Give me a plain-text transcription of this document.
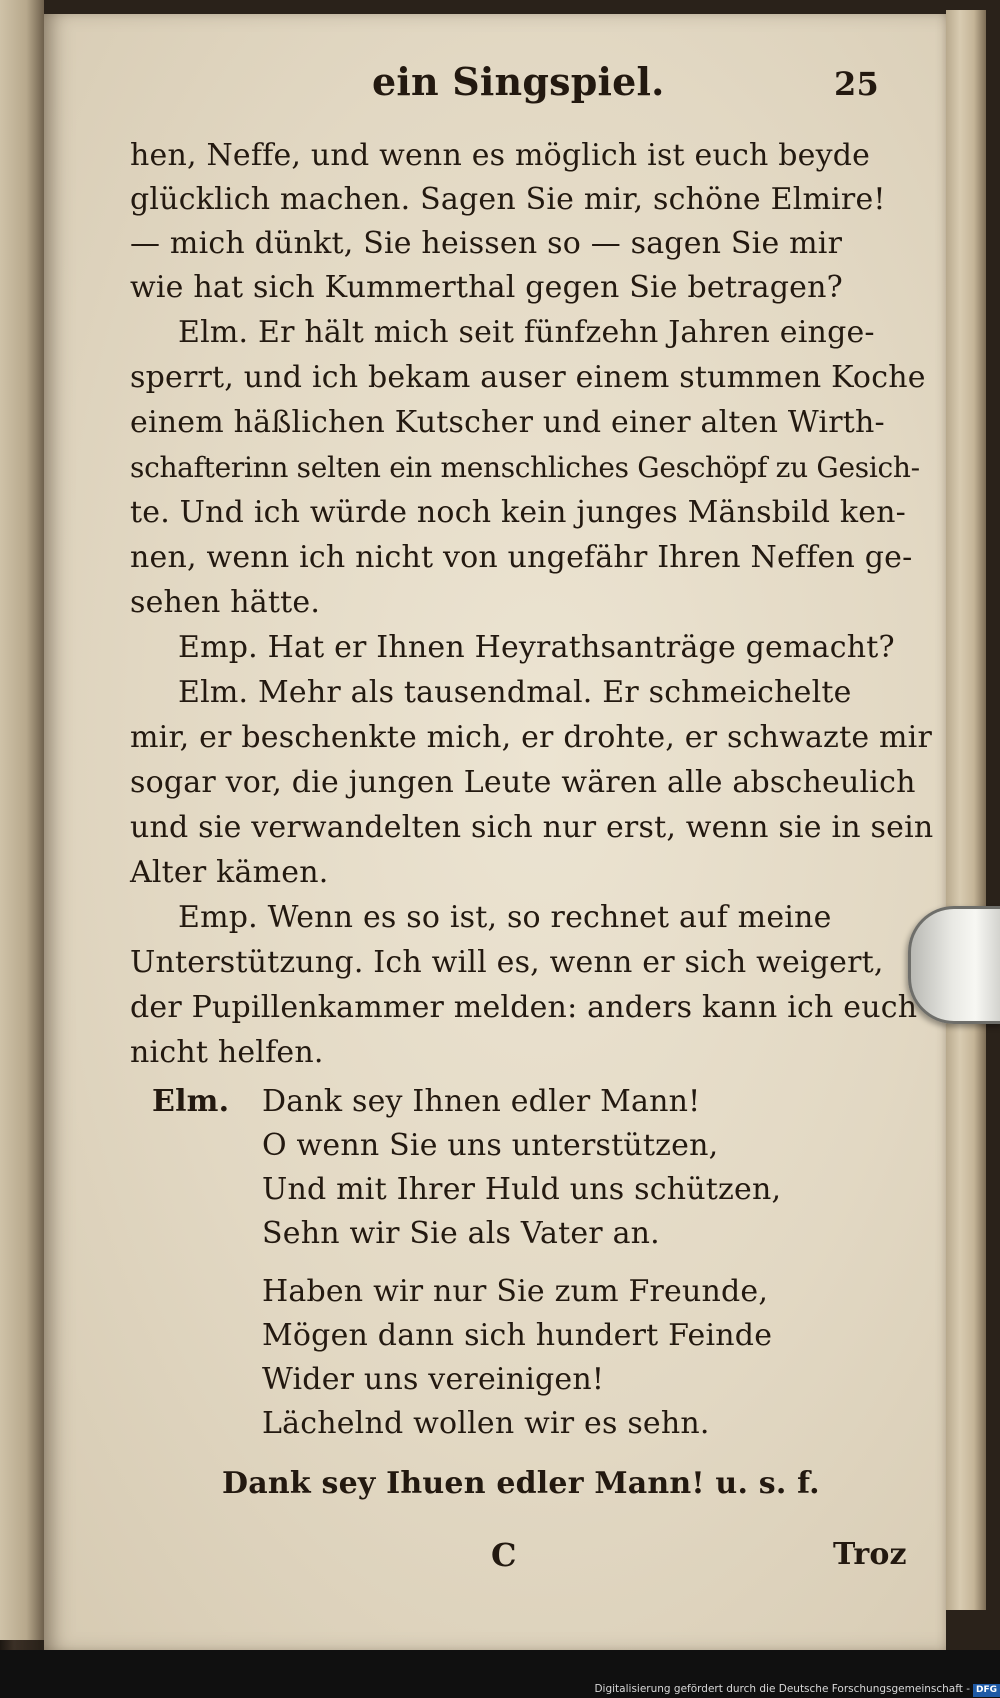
ein Singspiel.	25
hen, Neffe, und wenn es möglich ist euch beyde
glücklich machen. Sagen Sie mir, schöne Elmire!
— mich dünkt, Sie heissen so — sagen Sie mir
wie hat sich Kummerthal gegen Sie betragen?
Elm. Er hält mich seit fünfzehn Jahren einge-
sperrt, und ich bekam auser einem stummen Koche
einem häßlichen Kutscher und einer alten Wirth-
schafterinn selten ein menschliches Geschöpf zu Gesich-
te. Und ich würde noch kein junges Mänsbild ken-
nen, wenn ich nicht von ungefähr Ihren Neffen ge-
sehen hätte.
Emp. Hat er Ihnen Heyrathsanträge gemacht?
Elm. Mehr als tausendmal. Er schmeichelte
mir, er beschenkte mich, er drohte, er schwazte mir
sogar vor, die jungen Leute wären alle abscheulich
und sie verwandelten sich nur erst, wenn sie in sein
Alter kämen.
Emp. Wenn es so ist, so rechnet auf meine
Unterstützung. Ich will es, wenn er sich weigert,
der Pupillenkammer melden: anders kann ich euch
nicht helfen.
Elm. Dank sey Ihnen edler Mann!
O wenn Sie uns unterstützen,
Und mit Ihrer Huld uns schützen,
Sehn wir Sie als Vater an.
Haben wir nur Sie zum Freunde,
Mögen dann sich hundert Feinde
Wider uns vereinigen!
Lächelnd wollen wir es sehn.
Dank sey Ihuen edler Mann! u. s. f.
C	Troz
Digitalisierung gefördert durch die Deutsche Forschungsgemeinschaft - DFG
